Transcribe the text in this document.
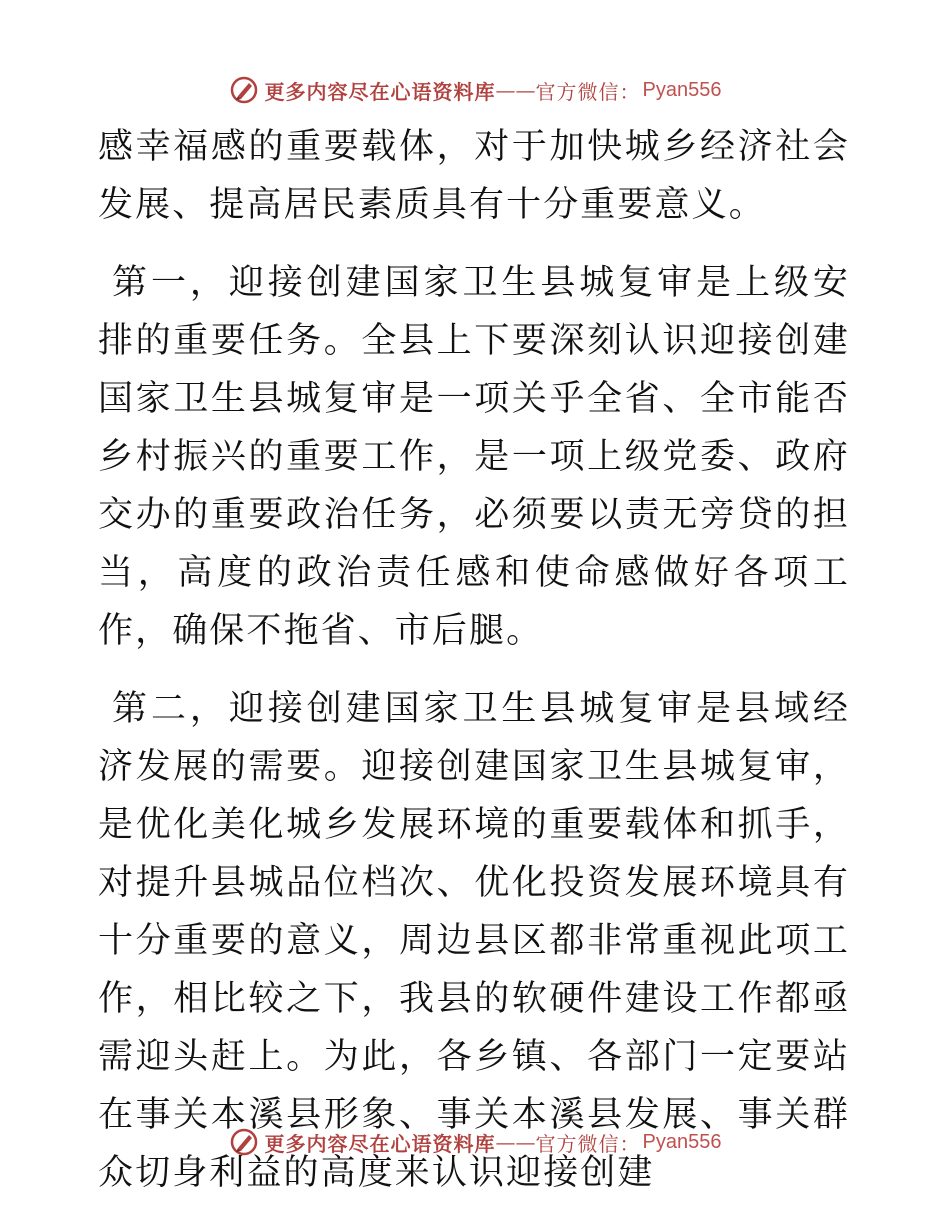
更多内容尽在心语资料库 —— 官方微信： Pyan556

感幸福感的重要载体，对于加快城乡经济社会发展、提高居民素质具有十分重要意义。

第一，迎接创建国家卫生县城复审是上级安排的重要任务。全县上下要深刻认识迎接创建国家卫生县城复审是一项关乎全省、全市能否乡村振兴的重要工作，是一项上级党委、政府交办的重要政治任务，必须要以责无旁贷的担当，高度的政治责任感和使命感做好各项工作，确保不拖省、市后腿。

第二，迎接创建国家卫生县城复审是县域经济发展的需要。迎接创建国家卫生县城复审，是优化美化城乡发展环境的重要载体和抓手，对提升县城品位档次、优化投资发展环境具有十分重要的意义，周边县区都非常重视此项工作，相比较之下，我县的软硬件建设工作都亟需迎头赶上。为此，各乡镇、各部门一定要站在事关本溪县形象、事关本溪县发展、事关群众切身利益的高度来认识迎接创建

更多内容尽在心语资料库 —— 官方微信： Pyan556
